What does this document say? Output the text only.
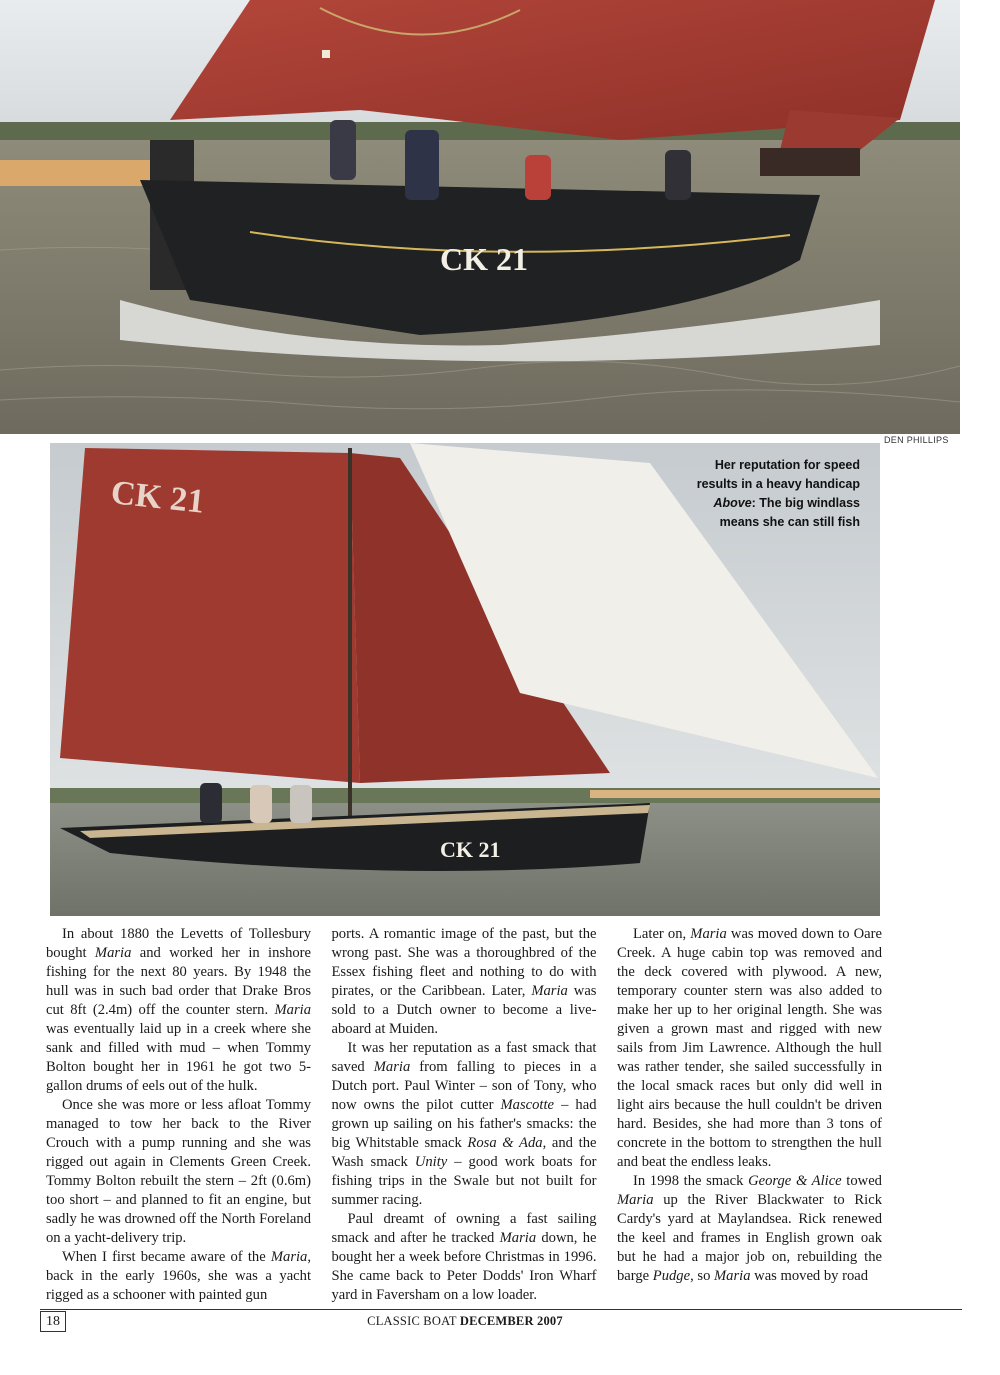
CK 21
DEN PHILLIPS
CK 21
CK 21
Her reputation for speed
results in a heavy handicap
Above: The big windlass
means she can still fish

In about 1880 the Levetts of Tollesbury bought Maria and worked her in inshore fishing for the next 80 years. By 1948 the hull was in such bad order that Drake Bros cut 8ft (2.4m) off the counter stern. Maria was eventually laid up in a creek where she sank and filled with mud – when Tommy Bolton bought her in 1961 he got two 5-gallon drums of eels out of the hulk.

Once she was more or less afloat Tommy managed to tow her back to the River Crouch with a pump running and she was rigged out again in Clements Green Creek. Tommy Bolton rebuilt the stern – 2ft (0.6m) too short – and planned to fit an engine, but sadly he was drowned off the North Foreland on a yacht-delivery trip.

When I first became aware of the Maria, back in the early 1960s, she was a yacht rigged as a schooner with painted gun

ports. A romantic image of the past, but the wrong past. She was a thoroughbred of the Essex fishing fleet and nothing to do with pirates, or the Caribbean. Later, Maria was sold to a Dutch owner to become a live-aboard at Muiden.

It was her reputation as a fast smack that saved Maria from falling to pieces in a Dutch port. Paul Winter – son of Tony, who now owns the pilot cutter Mascotte – had grown up sailing on his father's smacks: the big Whitstable smack Rosa & Ada, and the Wash smack Unity – good work boats for fishing trips in the Swale but not built for summer racing.

Paul dreamt of owning a fast sailing smack and after he tracked Maria down, he bought her a week before Christmas in 1996. She came back to Peter Dodds' Iron Wharf yard in Faversham on a low loader.

Later on, Maria was moved down to Oare Creek. A huge cabin top was removed and the deck covered with plywood. A new, temporary counter stern was also added to make her up to her original length. She was given a grown mast and rigged with new sails from Jim Lawrence. Although the hull was rather tender, she sailed successfully in the local smack races but only did well in light airs because the hull couldn't be driven hard. Besides, she had more than 3 tons of concrete in the bottom to strengthen the hull and beat the endless leaks.

In 1998 the smack George & Alice towed Maria up the River Blackwater to Rick Cardy's yard at Maylandsea. Rick renewed the keel and frames in English grown oak but he had a major job on, rebuilding the barge Pudge, so Maria was moved by road

18	CLASSIC BOAT DECEMBER 2007
